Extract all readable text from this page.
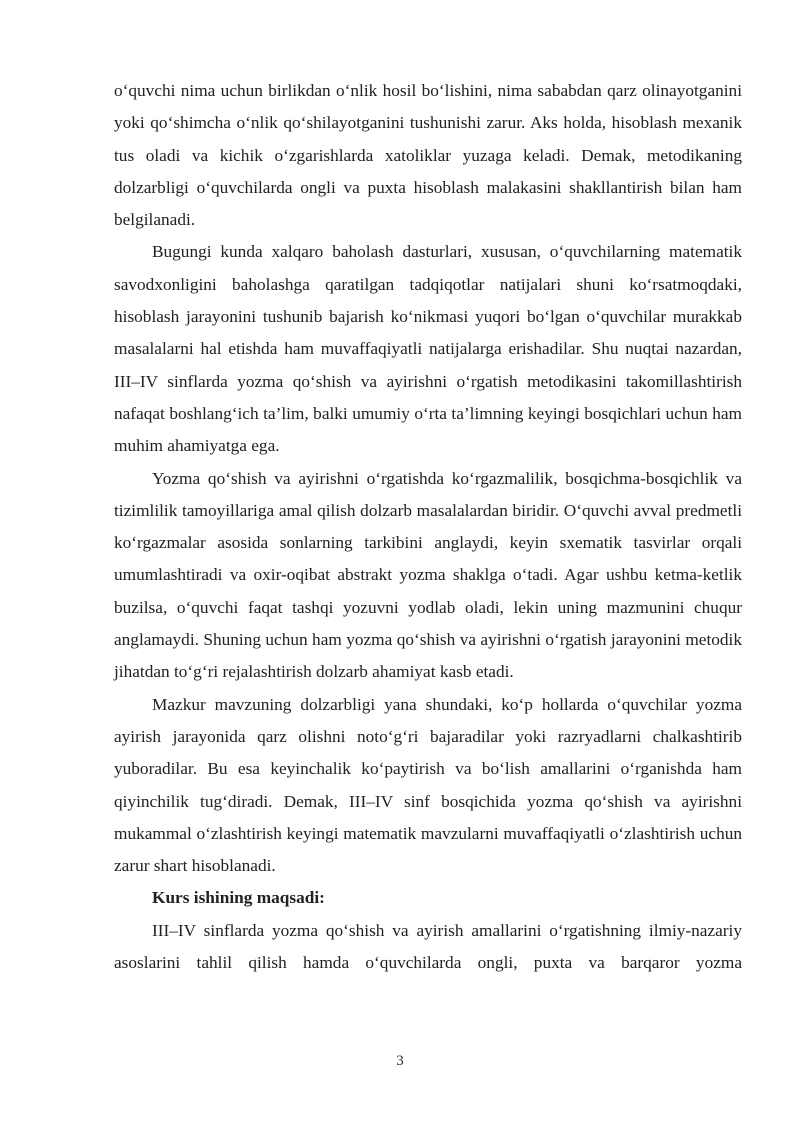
o‘quvchi nima uchun birlikdan o‘nlik hosil bo‘lishini, nima sababdan qarz olinayotganini yoki qo‘shimcha o‘nlik qo‘shilayotganini tushunishi zarur. Aks holda, hisoblash mexanik tus oladi va kichik o‘zgarishlarda xatoliklar yuzaga keladi. Demak, metodikaning dolzarbligi o‘quvchilarda ongli va puxta hisoblash malakasini shakllantirish bilan ham belgilanadi.

Bugungi kunda xalqaro baholash dasturlari, xususan, o‘quvchilarning matematik savodxonligini baholashga qaratilgan tadqiqotlar natijalari shuni ko‘rsatmoqdaki, hisoblash jarayonini tushunib bajarish ko‘nikmasi yuqori bo‘lgan o‘quvchilar murakkab masalalarni hal etishda ham muvaffaqiyatli natijalarga erishadilar. Shu nuqtai nazardan, III–IV sinflarda yozma qo‘shish va ayirishni o‘rgatish metodikasini takomillashtirish nafaqat boshlang‘ich ta’lim, balki umumiy o‘rta ta’limning keyingi bosqichlari uchun ham muhim ahamiyatga ega.

Yozma qo‘shish va ayirishni o‘rgatishda ko‘rgazmalilik, bosqichma-bosqichlik va tizimlilik tamoyillariga amal qilish dolzarb masalalardan biridir. O‘quvchi avval predmetli ko‘rgazmalar asosida sonlarning tarkibini anglaydi, keyin sxematik tasvirlar orqali umumlashtiradi va oxir-oqibat abstrakt yozma shaklga o‘tadi. Agar ushbu ketma-ketlik buzilsa, o‘quvchi faqat tashqi yozuvni yodlab oladi, lekin uning mazmunini chuqur anglamaydi. Shuning uchun ham yozma qo‘shish va ayirishni o‘rgatish jarayonini metodik jihatdan to‘g‘ri rejalashtirish dolzarb ahamiyat kasb etadi.

Mazkur mavzuning dolzarbligi yana shundaki, ko‘p hollarda o‘quvchilar yozma ayirish jarayonida qarz olishni noto‘g‘ri bajaradilar yoki razryadlarni chalkashtirib yuboradilar. Bu esa keyinchalik ko‘paytirish va bo‘lish amallarini o‘rganishda ham qiyinchilik tug‘diradi. Demak, III–IV sinf bosqichida yozma qo‘shish va ayirishni mukammal o‘zlashtirish keyingi matematik mavzularni muvaffaqiyatli o‘zlashtirish uchun zarur shart hisoblanadi.

Kurs ishining maqsadi:

III–IV sinflarda yozma qo‘shish va ayirish amallarini o‘rgatishning ilmiy-nazariy asoslarini tahlil qilish hamda o‘quvchilarda ongli, puxta va barqaror yozma

3
